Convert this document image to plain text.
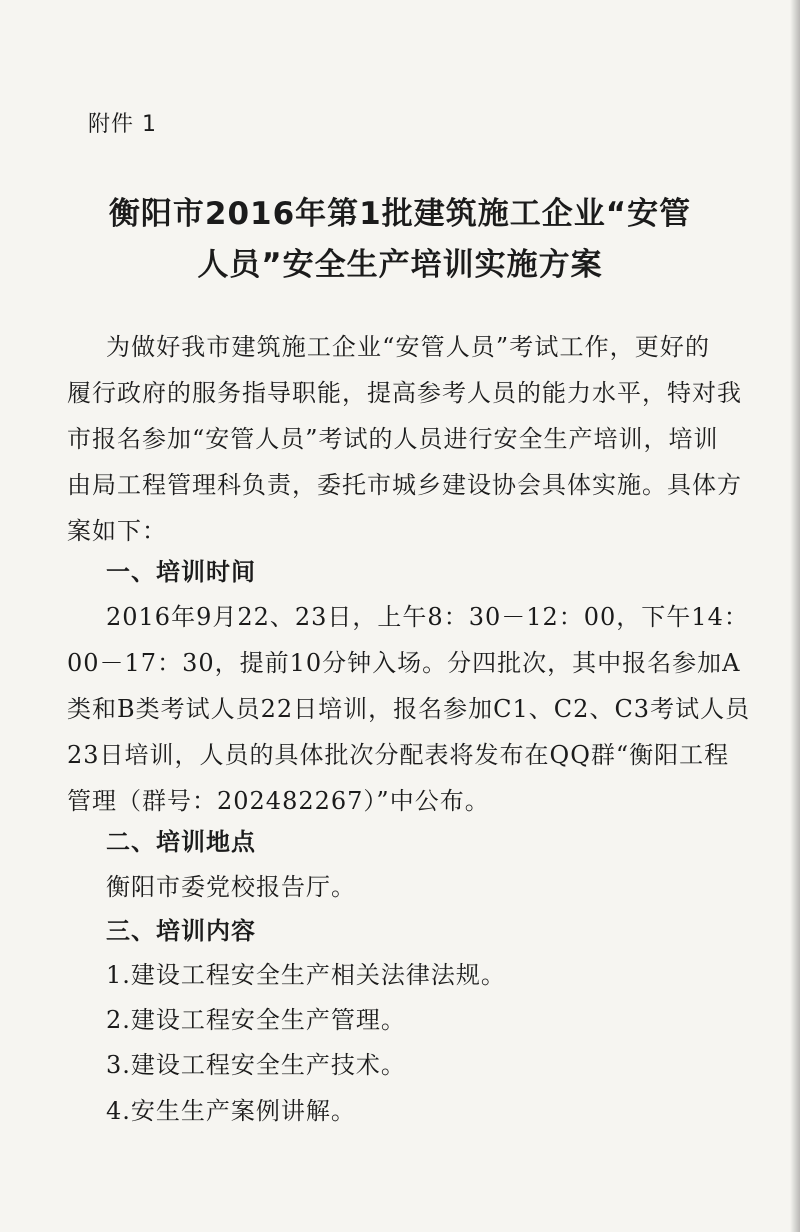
附件 1
衡阳市2016年第1批建筑施工企业“安管
人员”安全生产培训实施方案
为做好我市建筑施工企业“安管人员”考试工作，更好的
履行政府的服务指导职能，提高参考人员的能力水平，特对我
市报名参加“安管人员”考试的人员进行安全生产培训，培训
由局工程管理科负责，委托市城乡建设协会具体实施。具体方
案如下：
一、培训时间
2016年9月22、23日，上午8：30－12：00，下午14：
00－17：30，提前10分钟入场。分四批次，其中报名参加A
类和B类考试人员22日培训，报名参加C1、C2、C3考试人员
23日培训，人员的具体批次分配表将发布在QQ群“衡阳工程
管理（群号：202482267）”中公布。
二、培训地点
衡阳市委党校报告厅。
三、培训内容
1.建设工程安全生产相关法律法规。
2.建设工程安全生产管理。
3.建设工程安全生产技术。
4.安生生产案例讲解。
